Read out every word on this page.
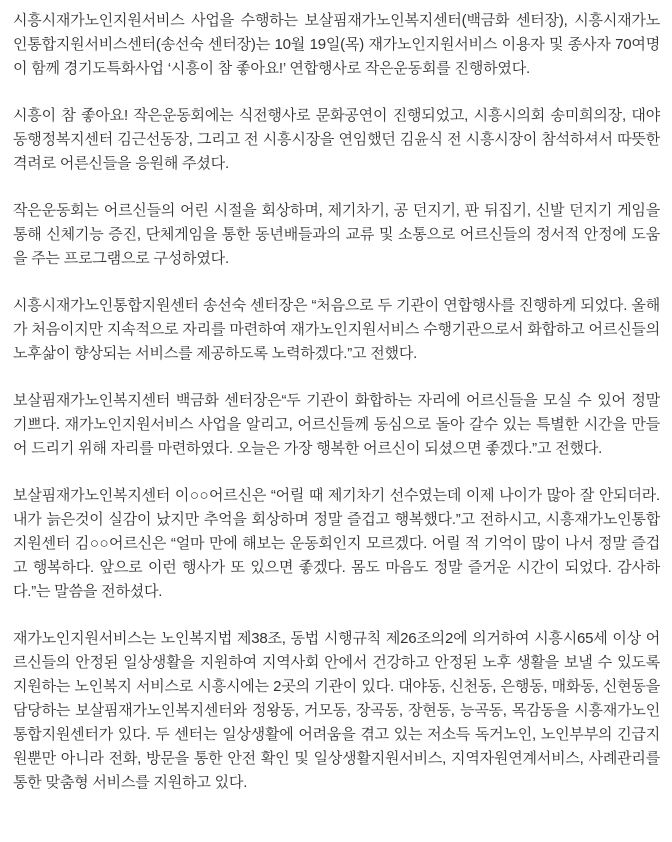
시흥시재가노인지원서비스 사업을 수행하는 보살핌재가노인복지센터(백금화 센터장), 시흥시재가노인통합지원서비스센터(송선숙 센터장)는 10월 19일(목) 재가노인지원서비스 이용자 및 종사자 70여명이 함께 경기도특화사업 ‘시흥이 참 좋아요!’ 연합행사로 작은운동회를 진행하였다.

시흥이 참 좋아요! 작은운동회에는 식전행사로 문화공연이 진행되었고, 시흥시의회 송미희의장, 대야동행정복지센터 김근선동장, 그리고 전 시흥시장을 연임했던 김윤식 전 시흥시장이 참석하셔서 따뜻한 격려로 어른신들을 응원해 주셨다.

작은운동회는 어르신들의 어린 시절을 회상하며, 제기차기, 공 던지기, 판 뒤집기, 신발 던지기 게임을 통해 신체기능 증진, 단체게임을 통한 동년배들과의 교류 및 소통으로 어르신들의 정서적 안정에 도움을 주는 프로그램으로 구성하였다.

시흥시재가노인통합지원센터 송선숙 센터장은 “처음으로 두 기관이 연합행사를 진행하게 되었다. 올해가 처음이지만 지속적으로 자리를 마련하여 재가노인지원서비스 수행기관으로서 화합하고 어르신들의 노후삶이 향상되는 서비스를 제공하도록 노력하겠다.”고 전했다.

보살핌재가노인복지센터 백금화 센터장은“두 기관이 화합하는 자리에 어르신들을 모실 수 있어 정말 기쁘다. 재가노인지원서비스 사업을 알리고, 어르신들께 동심으로 돌아 갈수 있는 특별한 시간을 만들어 드리기 위해 자리를 마련하였다. 오늘은 가장 행복한 어르신이 되셨으면 좋겠다.”고 전했다.

보살핌재가노인복지센터 이○○어르신은 “어릴 때 제기차기 선수였는데 이제 나이가 많아 잘 안되더라. 내가 늙은것이 실감이 났지만 추억을 회상하며 정말 즐겁고 행복했다.”고 전하시고, 시흥재가노인통합지원센터 김○○어르신은 “얼마 만에 해보는 운동회인지 모르겠다. 어릴 적 기억이 많이 나서 정말 즐겁고 행복하다. 앞으로 이런 행사가 또 있으면 좋겠다. 몸도 마음도 정말 즐거운 시간이 되었다. 감사하다.”는 말씀을 전하셨다.

재가노인지원서비스는 노인복지법 제38조, 동법 시행규칙 제26조의2에 의거하여 시흥시65세 이상 어르신들의 안정된 일상생활을 지원하여 지역사회 안에서 건강하고 안정된 노후 생활을 보낼 수 있도록 지원하는 노인복지 서비스로 시흥시에는 2곳의 기관이 있다. 대야동, 신천동, 은행동, 매화동, 신현동을 담당하는 보살핌재가노인복지센터와 정왕동, 거모동, 장곡동, 장현동, 능곡동, 목감동을 시흥재가노인통합지원센터가 있다. 두 센터는 일상생활에 어려움을 겪고 있는 저소득 독거노인, 노인부부의 긴급지원뿐만 아니라 전화, 방문을 통한 안전 확인 및 일상생활지원서비스, 지역자원연계서비스, 사례관리를 통한 맞춤형 서비스를 지원하고 있다.
